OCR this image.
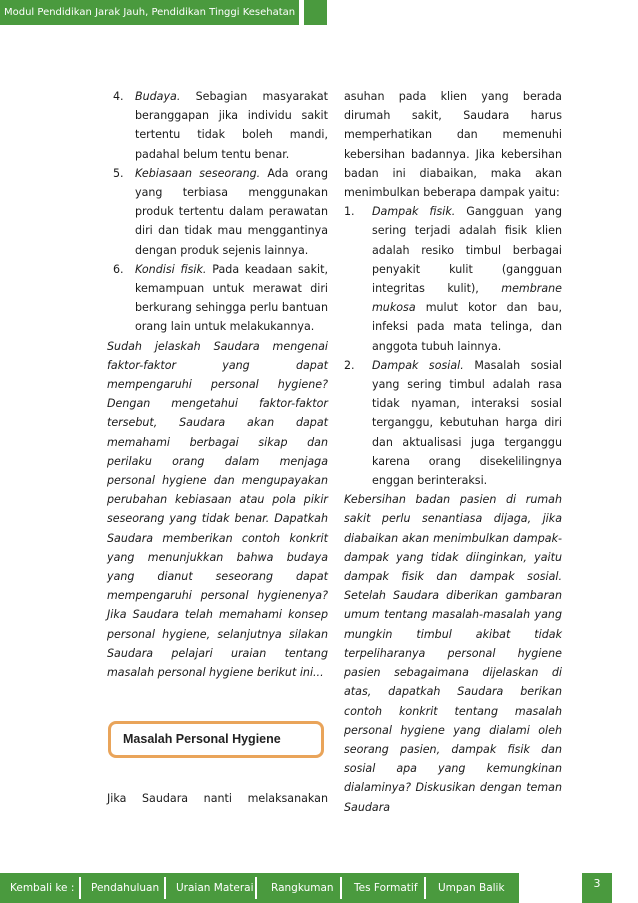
Modul Pendidikan Jarak Jauh, Pendidikan Tinggi Kesehatan
4. Budaya. Sebagian masyarakat beranggapan jika individu sakit tertentu tidak boleh mandi, padahal belum tentu benar.
5. Kebiasaan seseorang. Ada orang yang terbiasa menggunakan produk tertentu dalam perawatan diri dan tidak mau menggantinya dengan produk sejenis lainnya.
6. Kondisi fisik. Pada keadaan sakit, kemampuan untuk merawat diri berkurang sehingga perlu bantuan orang lain untuk melakukannya.

Sudah jelaskah Saudara mengenai faktor-faktor yang dapat mempengaruhi personal hygiene? Dengan mengetahui faktor-faktor tersebut, Saudara akan dapat memahami berbagai sikap dan perilaku orang dalam menjaga personal hygiene dan mengupayakan perubahan kebiasaan atau pola pikir seseorang yang tidak benar. Dapatkah Saudara memberikan contoh konkrit yang menunjukkan bahwa budaya yang dianut seseorang dapat mempengaruhi personal hygienenya? Jika Saudara telah memahami konsep personal hygiene, selanjutnya silakan Saudara pelajari uraian tentang masalah personal hygiene berikut ini...

Masalah Personal Hygiene
Jika Saudara nanti melaksanakan

asuhan pada klien yang berada dirumah sakit, Saudara harus memperhatikan dan memenuhi kebersihan badannya. Jika kebersihan badan ini diabaikan, maka akan menimbulkan beberapa dampak yaitu:

1. Dampak fisik. Gangguan yang sering terjadi adalah fisik klien adalah resiko timbul berbagai penyakit kulit (gangguan integritas kulit), membrane mukosa mulut kotor dan bau, infeksi pada mata telinga, dan anggota tubuh lainnya.
2. Dampak sosial. Masalah sosial yang sering timbul adalah rasa tidak nyaman, interaksi sosial terganggu, kebutuhan harga diri dan aktualisasi juga terganggu karena orang disekelilingnya enggan berinteraksi.

Kebersihan badan pasien di rumah sakit perlu senantiasa dijaga, jika diabaikan akan menimbulkan dampak-dampak yang tidak diinginkan, yaitu dampak fisik dan dampak sosial. Setelah Saudara diberikan gambaran umum tentang masalah-masalah yang mungkin timbul akibat tidak terpeliharanya personal hygiene pasien sebagaimana dijelaskan di atas, dapatkah Saudara berikan contoh konkrit tentang masalah personal hygiene yang dialami oleh seorang pasien, dampak fisik dan sosial apa yang kemungkinan dialaminya? Diskusikan dengan teman Saudara

Kembali ke : Pendahuluan Uraian Materai Rangkuman Tes Formatif Umpan Balik	3
